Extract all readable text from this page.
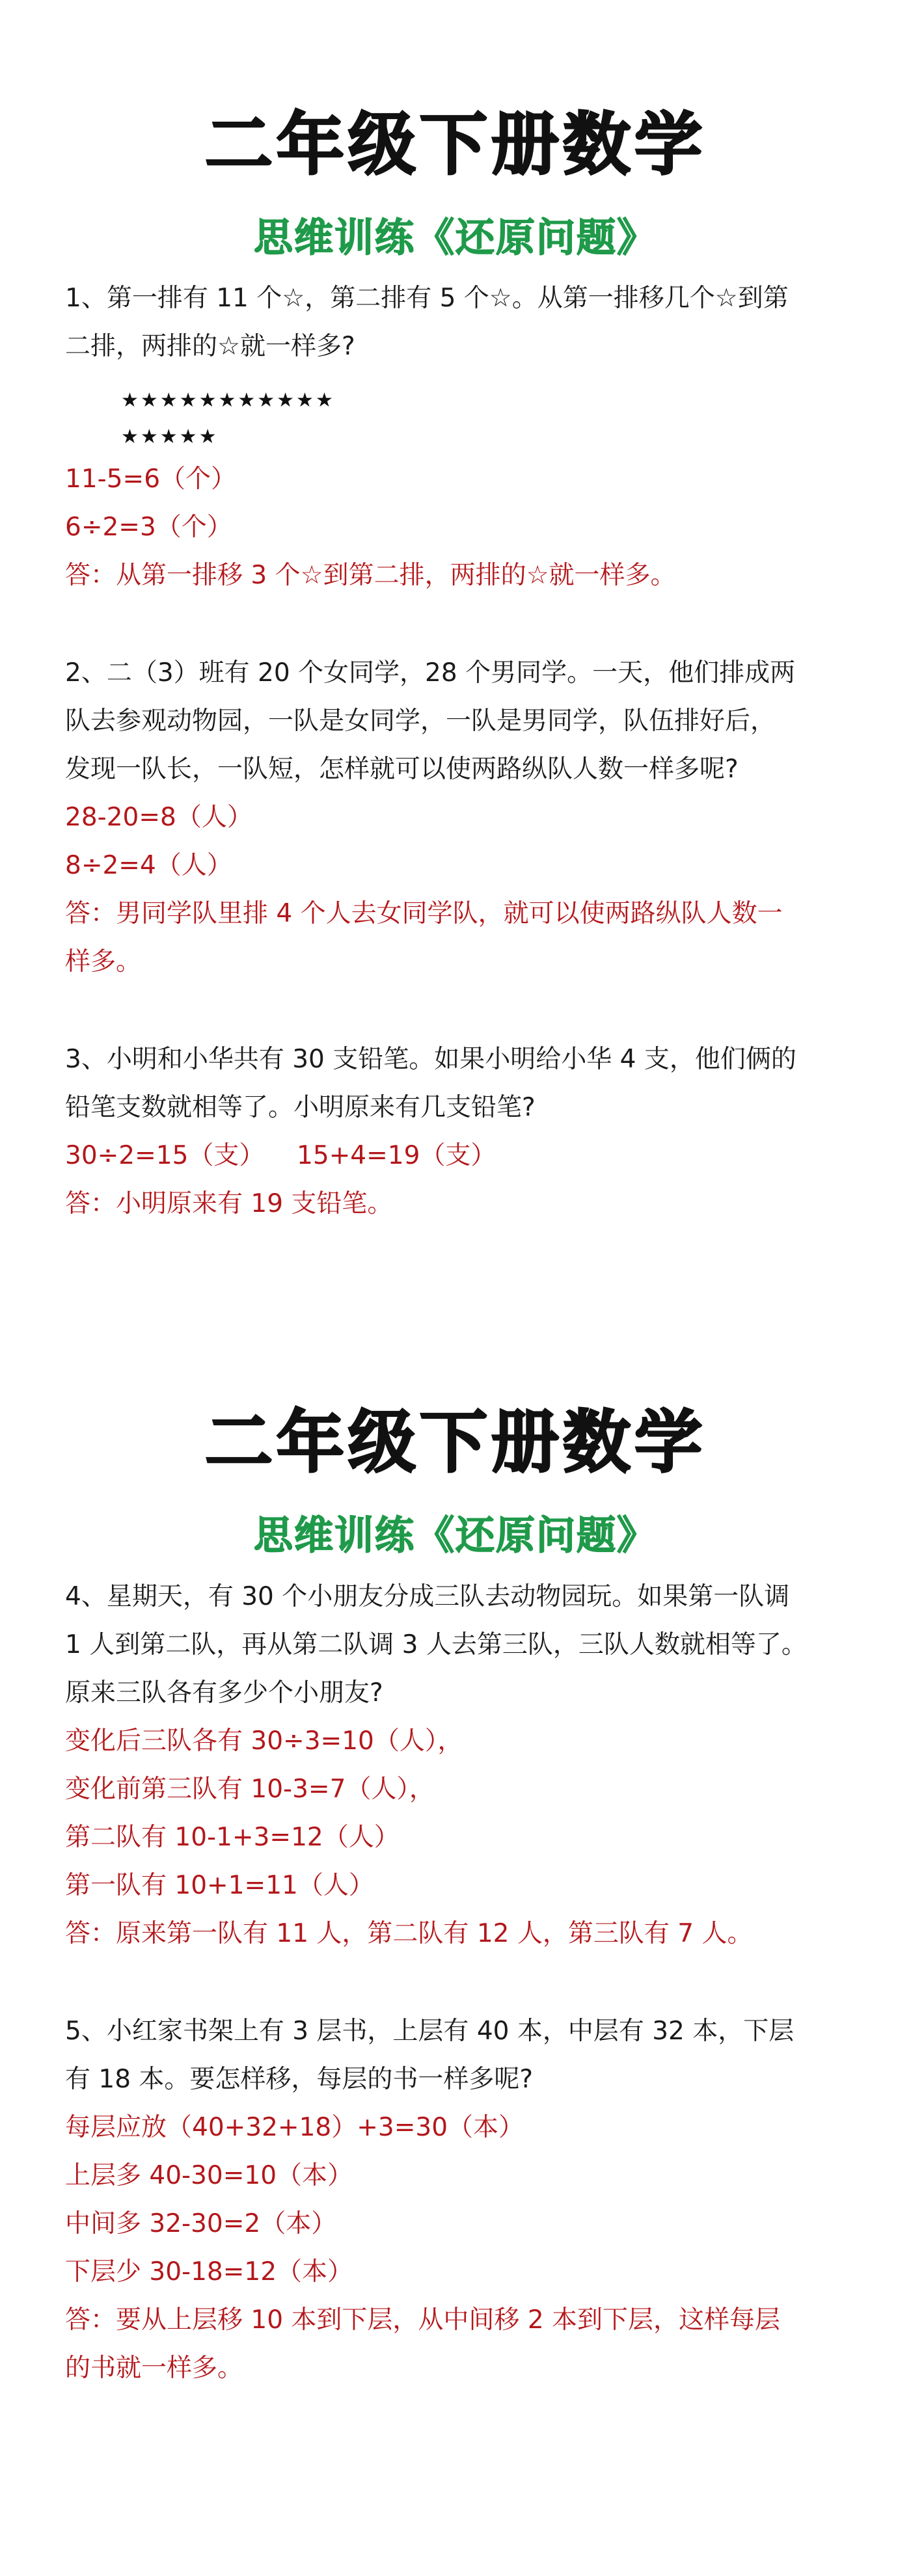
二年级下册数学
思维训练《还原问题》
1、第一排有 11 个☆，第二排有 5 个☆。从第一排移几个☆到第
二排，两排的☆就一样多?
★★★★★★★★★★★
★★★★★
11-5=6（个）
6÷2=3（个）
答：从第一排移 3 个☆到第二排，两排的☆就一样多。
2、二（3）班有 20 个女同学，28 个男同学。一天，他们排成两
队去参观动物园，一队是女同学，一队是男同学，队伍排好后，
发现一队长，一队短，怎样就可以使两路纵队人数一样多呢?
28-20=8（人）
8÷2=4（人）
答：男同学队里排 4 个人去女同学队，就可以使两路纵队人数一
样多。
3、小明和小华共有 30 支铅笔。如果小明给小华 4 支，他们俩的
铅笔支数就相等了。小明原来有几支铅笔?
30÷2=15（支）    15+4=19（支）
答：小明原来有 19 支铅笔。
二年级下册数学
思维训练《还原问题》
4、星期天，有 30 个小朋友分成三队去动物园玩。如果第一队调
1 人到第二队，再从第二队调 3 人去第三队，三队人数就相等了。
原来三队各有多少个小朋友?
变化后三队各有 30÷3=10（人），
变化前第三队有 10-3=7（人），
第二队有 10-1+3=12（人）
第一队有 10+1=11（人）
答：原来第一队有 11 人，第二队有 12 人，第三队有 7 人。
5、小红家书架上有 3 层书，上层有 40 本，中层有 32 本，下层
有 18 本。要怎样移，每层的书一样多呢?
每层应放（40+32+18）+3=30（本）
上层多 40-30=10（本）
中间多 32-30=2（本）
下层少 30-18=12（本）
答：要从上层移 10 本到下层，从中间移 2 本到下层，这样每层
的书就一样多。
